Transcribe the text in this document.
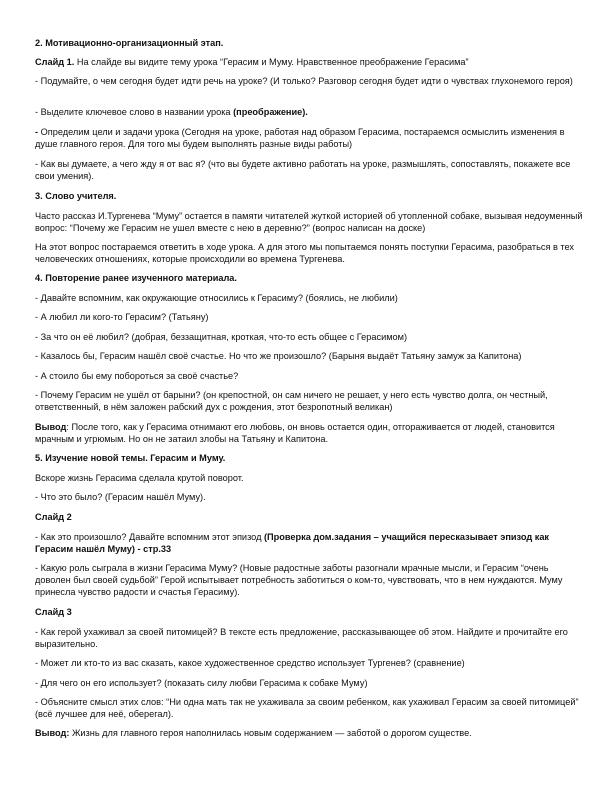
2. Мотивационно-организационный этап.

Слайд 1. На слайде вы видите тему урока “Герасим и Муму. Нравственное преображение Герасима”

- Подумайте, о чем сегодня будет идти речь на уроке? (И только? Разговор сегодня будет идти о чувствах глухонемого героя)

- Выделите ключевое слово в названии урока (преображение).

- Определим цели и задачи урока (Сегодня на уроке, работая над образом Герасима, постараемся осмыслить изменения в душе главного героя. Для того мы будем выполнять разные виды работы)

- Как вы думаете, а чего жду я от вас я? (что вы будете активно работать на уроке, размышлять, сопоставлять, покажете все свои умения).

3. Слово учителя.

Часто рассказ И.Тургенева “Муму” остается в памяти читателей жуткой историей об утопленной собаке, вызывая недоуменный вопрос: “Почему же Герасим не ушел вместе с нею в деревню?” (вопрос написан на доске)

На этот вопрос постараемся ответить в ходе урока. А для этого мы попытаемся понять поступки Герасима, разобраться в тех человеческих отношениях, которые происходили во времена Тургенева.

4. Повторение ранее изученного материала.

- Давайте вспомним, как окружающие относились к Герасиму? (боялись, не любили)

- А любил ли кого-то Герасим? (Татьяну)

- За что он её любил? (добрая, беззащитная, кроткая, что-то есть общее с Герасимом)

- Казалось бы, Герасим нашёл своё счастье. Но что же произошло? (Барыня выдаёт Татьяну замуж за Капитона)

- А стоило бы ему побороться за своё счастье?

- Почему Герасим не ушёл от барыни? (он крепостной, он сам ничего не решает, у него есть чувство долга, он честный, ответственный, в нём заложен рабский дух с рождения, этот безропотный великан)

Вывод: После того, как у Герасима отнимают его любовь, он вновь остается один, отгораживается от людей, становится мрачным и угрюмым. Но он не затаил злобы на Татьяну и Капитона.

5. Изучение новой темы. Герасим и Муму.

Вскоре жизнь Герасима сделала крутой поворот.

- Что это было? (Герасим нашёл Муму).

Слайд 2

- Как это произошло? Давайте вспомним этот эпизод (Проверка дом.задания – учащийся пересказывает эпизод как Герасим нашёл Муму) - стр.33

- Какую роль сыграла в жизни Герасима Муму? (Новые радостные заботы разогнали мрачные мысли, и Герасим “очень доволен был своей судьбой” Герой испытывает потребность заботиться о ком-то, чувствовать, что в нем нуждаются. Муму принесла чувство радости и счастья Герасиму).

Слайд 3

- Как герой ухаживал за своей питомицей? В тексте есть предложение, рассказывающее об этом. Найдите и прочитайте его выразительно.

- Может ли кто-то из вас сказать, какое художественное средство использует Тургенев? (сравнение)

- Для чего он его использует? (показать силу любви Герасима к собаке Муму)

- Объясните смысл этих слов: “Ни одна мать так не ухаживала за своим ребенком, как ухаживал Герасим за своей питомицей” (всё лучшее для неё, оберегал).

Вывод: Жизнь для главного героя наполнилась новым содержанием — заботой о дорогом существе.
